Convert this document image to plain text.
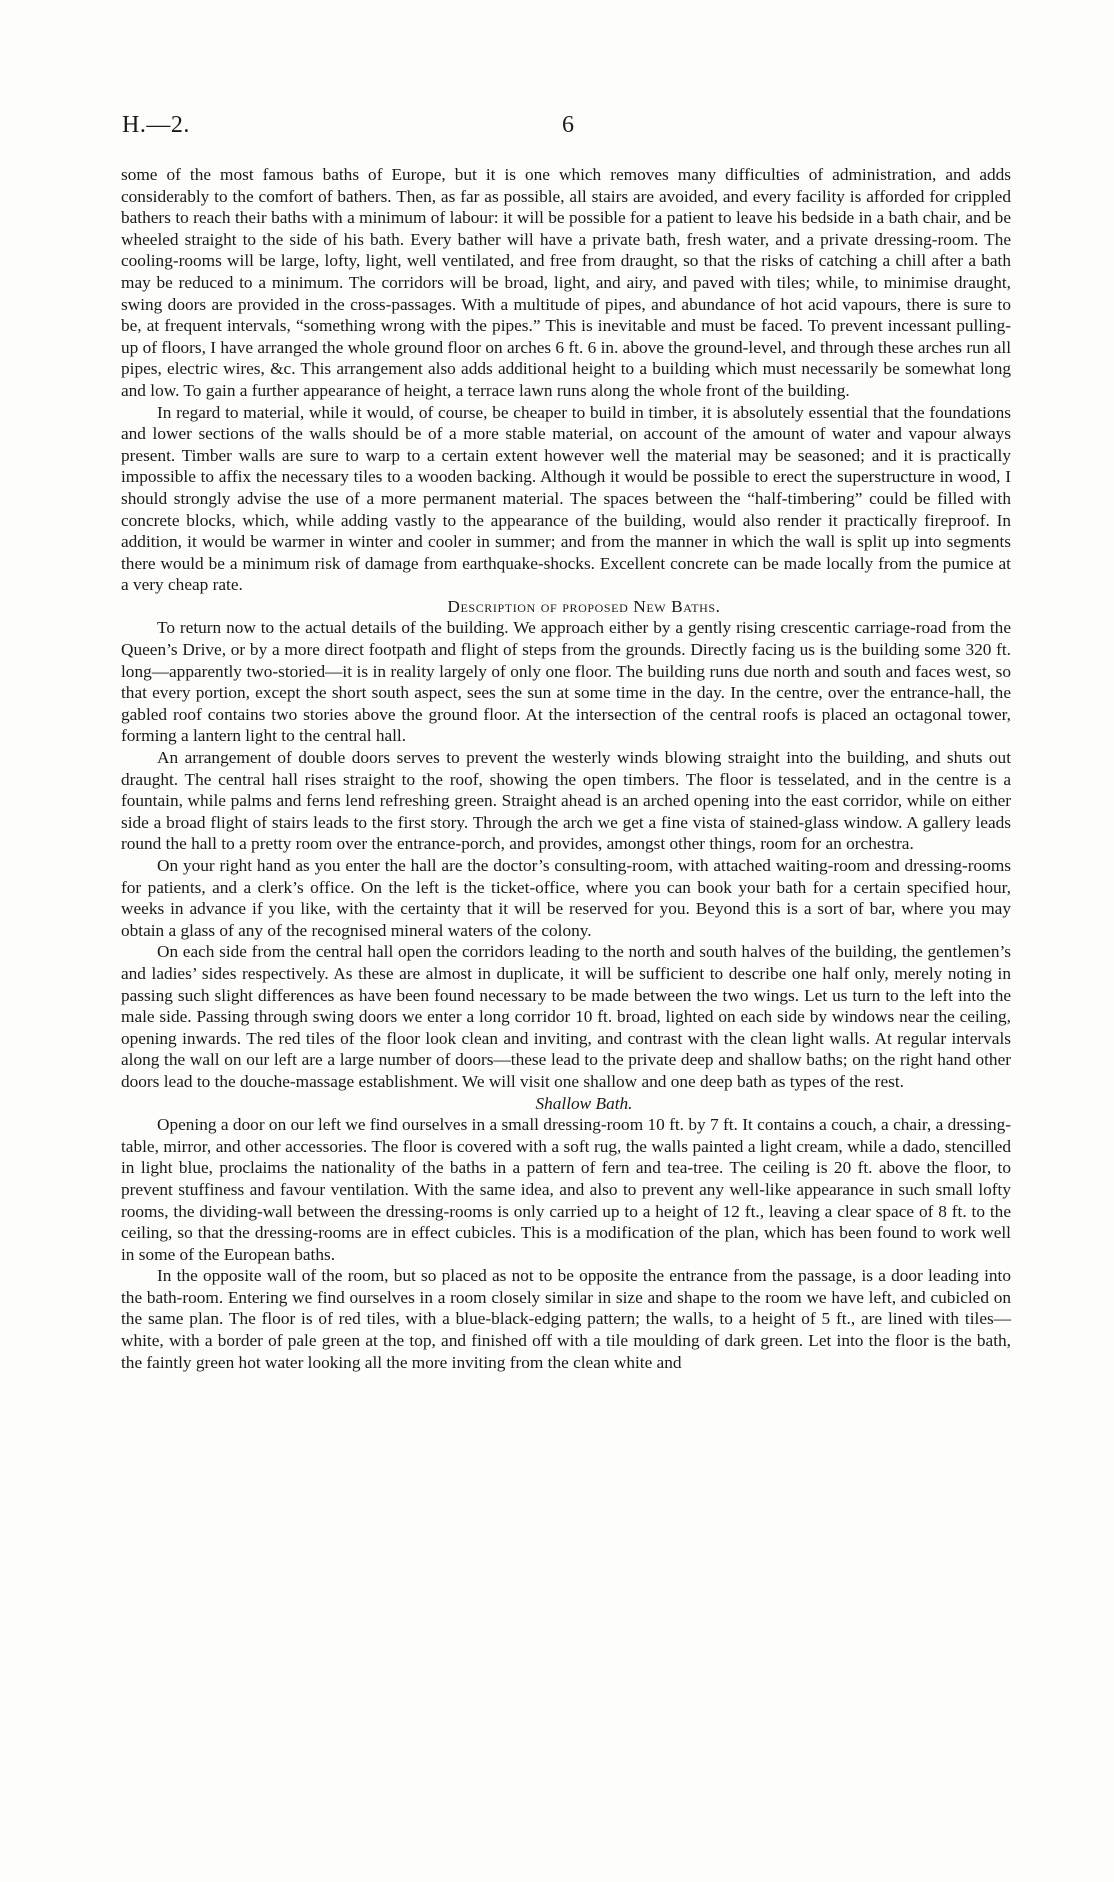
H.—2.	6

some of the most famous baths of Europe, but it is one which removes many difficulties of administration, and adds considerably to the comfort of bathers. Then, as far as possible, all stairs are avoided, and every facility is afforded for crippled bathers to reach their baths with a minimum of labour: it will be possible for a patient to leave his bedside in a bath chair, and be wheeled straight to the side of his bath. Every bather will have a private bath, fresh water, and a private dressing-room. The cooling-rooms will be large, lofty, light, well ventilated, and free from draught, so that the risks of catching a chill after a bath may be reduced to a minimum. The corridors will be broad, light, and airy, and paved with tiles; while, to minimise draught, swing doors are provided in the cross-passages. With a multitude of pipes, and abundance of hot acid vapours, there is sure to be, at frequent intervals, “something wrong with the pipes.” This is inevitable and must be faced. To prevent incessant pulling-up of floors, I have arranged the whole ground floor on arches 6 ft. 6 in. above the ground-level, and through these arches run all pipes, electric wires, &c. This arrangement also adds additional height to a building which must necessarily be somewhat long and low. To gain a further appearance of height, a terrace lawn runs along the whole front of the building.

In regard to material, while it would, of course, be cheaper to build in timber, it is absolutely essential that the foundations and lower sections of the walls should be of a more stable material, on account of the amount of water and vapour always present. Timber walls are sure to warp to a certain extent however well the material may be seasoned; and it is practically impossible to affix the necessary tiles to a wooden backing. Although it would be possible to erect the superstructure in wood, I should strongly advise the use of a more permanent material. The spaces between the “half-timbering” could be filled with concrete blocks, which, while adding vastly to the appearance of the building, would also render it practically fireproof. In addition, it would be warmer in winter and cooler in summer; and from the manner in which the wall is split up into segments there would be a minimum risk of damage from earthquake-shocks. Excellent concrete can be made locally from the pumice at a very cheap rate.

Description of proposed New Baths.

To return now to the actual details of the building. We approach either by a gently rising crescentic carriage-road from the Queen’s Drive, or by a more direct footpath and flight of steps from the grounds. Directly facing us is the building some 320 ft. long—apparently two-storied—it is in reality largely of only one floor. The building runs due north and south and faces west, so that every portion, except the short south aspect, sees the sun at some time in the day. In the centre, over the entrance-hall, the gabled roof contains two stories above the ground floor. At the intersection of the central roofs is placed an octagonal tower, forming a lantern light to the central hall.

An arrangement of double doors serves to prevent the westerly winds blowing straight into the building, and shuts out draught. The central hall rises straight to the roof, showing the open timbers. The floor is tesselated, and in the centre is a fountain, while palms and ferns lend refreshing green. Straight ahead is an arched opening into the east corridor, while on either side a broad flight of stairs leads to the first story. Through the arch we get a fine vista of stained-glass window. A gallery leads round the hall to a pretty room over the entrance-porch, and provides, amongst other things, room for an orchestra.

On your right hand as you enter the hall are the doctor’s consulting-room, with attached waiting-room and dressing-rooms for patients, and a clerk’s office. On the left is the ticket-office, where you can book your bath for a certain specified hour, weeks in advance if you like, with the certainty that it will be reserved for you. Beyond this is a sort of bar, where you may obtain a glass of any of the recognised mineral waters of the colony.

On each side from the central hall open the corridors leading to the north and south halves of the building, the gentlemen’s and ladies’ sides respectively. As these are almost in duplicate, it will be sufficient to describe one half only, merely noting in passing such slight differences as have been found necessary to be made between the two wings. Let us turn to the left into the male side. Passing through swing doors we enter a long corridor 10 ft. broad, lighted on each side by windows near the ceiling, opening inwards. The red tiles of the floor look clean and inviting, and contrast with the clean light walls. At regular intervals along the wall on our left are a large number of doors—these lead to the private deep and shallow baths; on the right hand other doors lead to the douche-massage establishment. We will visit one shallow and one deep bath as types of the rest.

Shallow Bath.

Opening a door on our left we find ourselves in a small dressing-room 10 ft. by 7 ft. It contains a couch, a chair, a dressing-table, mirror, and other accessories. The floor is covered with a soft rug, the walls painted a light cream, while a dado, stencilled in light blue, proclaims the nationality of the baths in a pattern of fern and tea-tree. The ceiling is 20 ft. above the floor, to prevent stuffiness and favour ventilation. With the same idea, and also to prevent any well-like appearance in such small lofty rooms, the dividing-wall between the dressing-rooms is only carried up to a height of 12 ft., leaving a clear space of 8 ft. to the ceiling, so that the dressing-rooms are in effect cubicles. This is a modification of the plan, which has been found to work well in some of the European baths.

In the opposite wall of the room, but so placed as not to be opposite the entrance from the passage, is a door leading into the bath-room. Entering we find ourselves in a room closely similar in size and shape to the room we have left, and cubicled on the same plan. The floor is of red tiles, with a blue-black-edging pattern; the walls, to a height of 5 ft., are lined with tiles—white, with a border of pale green at the top, and finished off with a tile moulding of dark green. Let into the floor is the bath, the faintly green hot water looking all the more inviting from the clean white and
